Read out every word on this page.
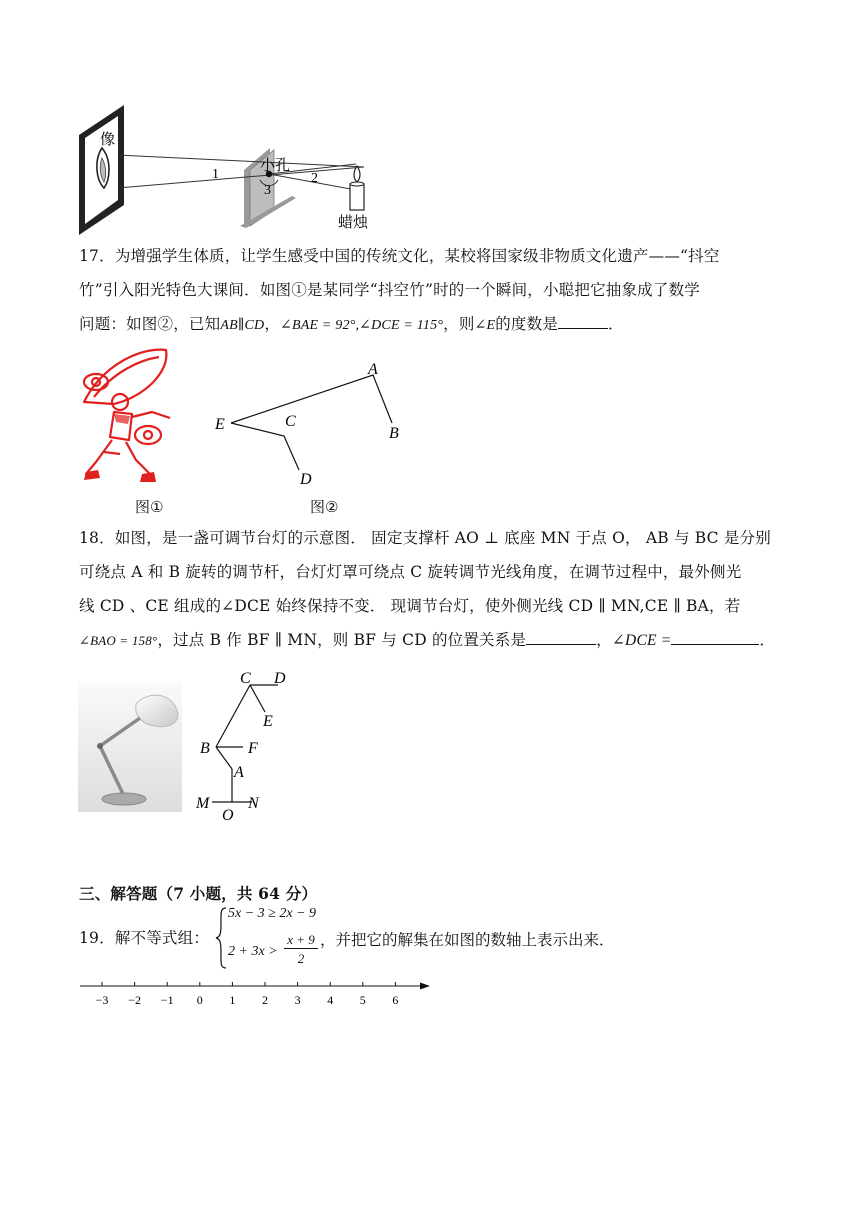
像
小孔
蜡烛
1	2
3
17．为增强学生体质，让学生感受中国的传统文化，某校将国家级非物质文化遗产——“抖空
竹”引入阳光特色大课间．如图①是某同学“抖空竹”时的一个瞬间，小聪把它抽象成了数学
问题：如图②，已知AB∥CD，∠BAE = 92°,∠DCE = 115°，则∠E的度数是	．
图①
A
B
C
D
E
图②
18．如图，是一盏可调节台灯的示意图． 固定支撑杆 AO ⊥ 底座 MN 于点 O， AB 与 BC 是分别
可绕点 A 和 B 旋转的调节杆，台灯灯罩可绕点 C 旋转调节光线角度，在调节过程中，最外侧光
线 CD 、CE 组成的∠DCE 始终保持不变． 现调节台灯，使外侧光线 CD ∥ MN,CE ∥ BA，若
∠BAO = 158°，过点 B 作 BF ∥ MN，则 BF 与 CD 的位置关系是	，∠DCE =	．
C D
E
B F
A
M
O
N
三、解答题（7 小题，共 64 分）
19．解不等式组：
5x − 3 ≥ 2x − 9
2 + 3x >
x + 9
2
，并把它的解集在如图的数轴上表示出来．
−3 −2 −1 0 1 2 3 4 5 6
